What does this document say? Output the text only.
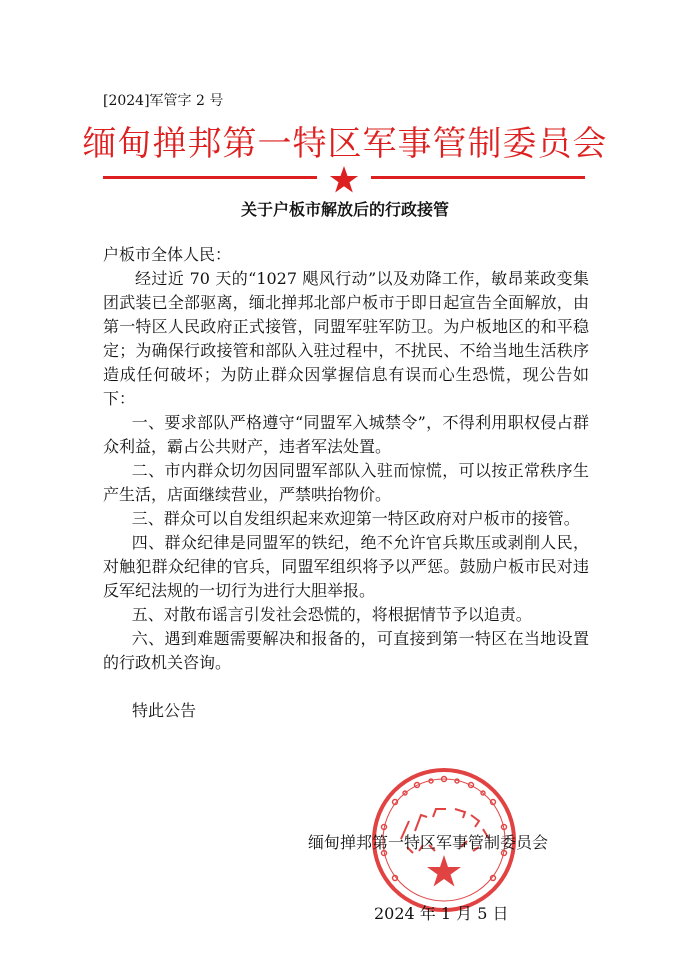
[2024]军管字 2 号
缅甸掸邦第一特区军事管制委员会
关于户板市解放后的行政接管

户板市全体人民：

经过近 70 天的“1027 飓风行动”以及劝降工作，敏昂莱政变集团武装已全部驱离，缅北掸邦北部户板市于即日起宣告全面解放，由第一特区人民政府正式接管，同盟军驻军防卫。为户板地区的和平稳定；为确保行政接管和部队入驻过程中，不扰民、不给当地生活秩序造成任何破坏；为防止群众因掌握信息有误而心生恐慌，现公告如下：

一、要求部队严格遵守“同盟军入城禁令”，不得利用职权侵占群众利益，霸占公共财产，违者军法处置。

二、市内群众切勿因同盟军部队入驻而惊慌，可以按正常秩序生产生活，店面继续营业，严禁哄抬物价。

三、群众可以自发组织起来欢迎第一特区政府对户板市的接管。

四、群众纪律是同盟军的铁纪，绝不允许官兵欺压或剥削人民，对触犯群众纪律的官兵，同盟军组织将予以严惩。鼓励户板市民对违反军纪法规的一切行为进行大胆举报。

五、对散布谣言引发社会恐慌的，将根据情节予以追责。

六、遇到难题需要解决和报备的，可直接到第一特区在当地设置的行政机关咨询。

特此公告
缅甸掸邦第一特区军事管制委员会
2024 年 1 月 5 日
